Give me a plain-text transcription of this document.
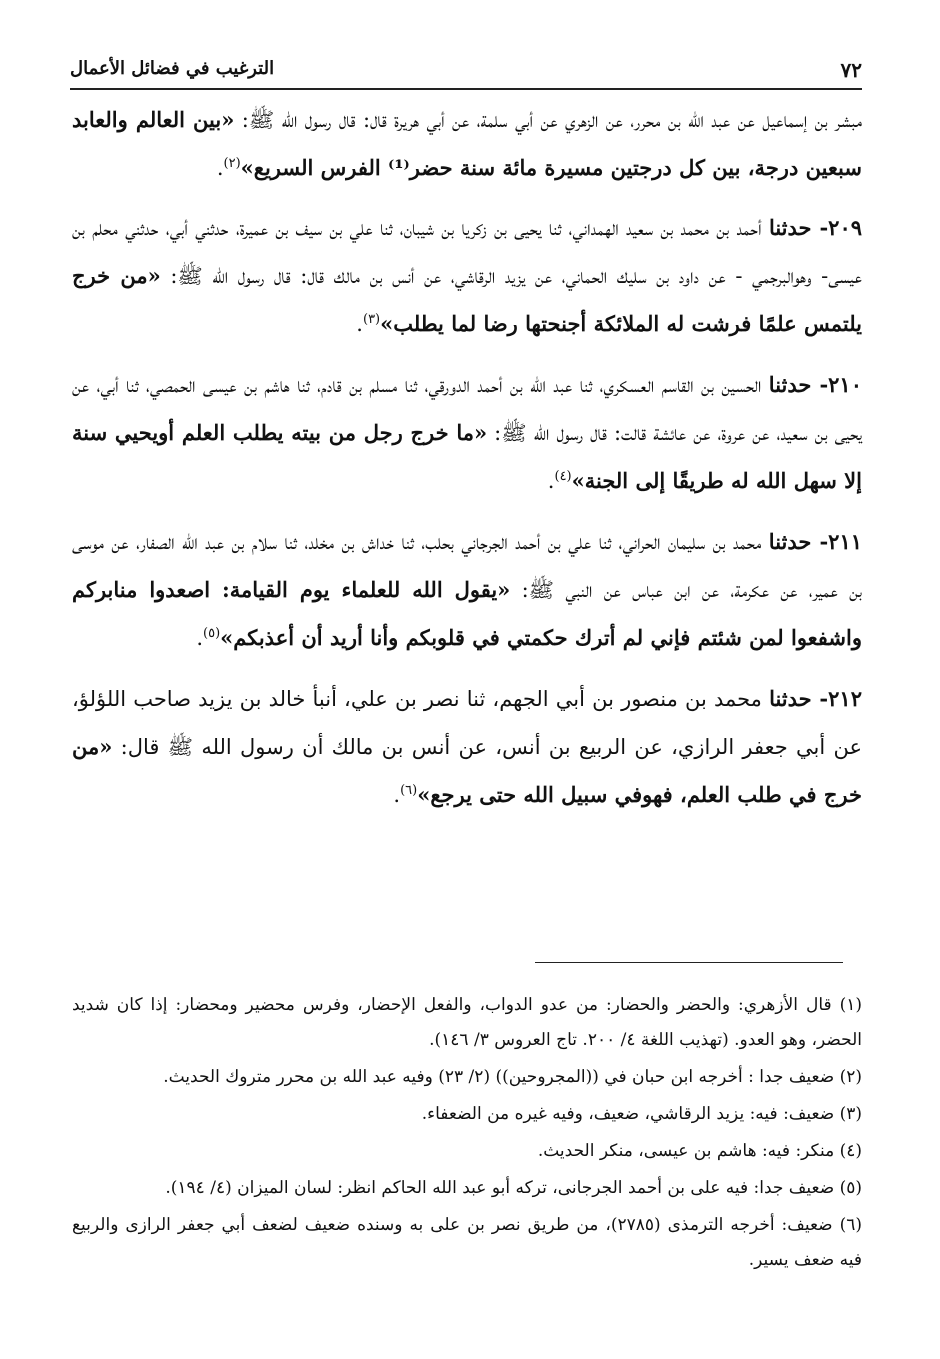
٧٢
الترغيب في فضائل الأعمال

مبشر بن إسماعيل عن عبد الله بن محرر، عن الزهري عن أبي سلمة، عن أبي هريرة قال: قال رسول الله ﷺ: «بين العالم والعابد سبعين درجة، بين كل درجتين مسيرة مائة سنة حضر⁽¹⁾ الفرس السريع»$^{(٢)}$.

٢٠٩- حدثنا أحمد بن محمد بن سعيد الهمداني، ثنا يحيى بن زكريا بن شيبان، ثنا علي بن سيف بن عميرة، حدثني أبي، حدثني محلم بن عيسى- وهوالبرجمي - عن داود بن سليك الحماني، عن يزيد الرقاشي، عن أنس بن مالك قال: قال رسول الله ﷺ: «من خرج يلتمس علمًا فرشت له الملائكة أجنحتها رضا لما يطلب»$^{(٣)}$.

٢١٠- حدثنا الحسين بن القاسم العسكري، ثنا عبد الله بن أحمد الدورقي، ثنا مسلم بن قادم، ثنا هاشم بن عيسى الحمصي، ثنا أبي، عن يحيى بن سعيد، عن عروة، عن عائشة قالت: قال رسول الله ﷺ: «ما خرج رجل من بيته يطلب العلم أويحيي سنة إلا سهل الله له طريقًا إلى الجنة»$^{(٤)}$.

٢١١- حدثنا محمد بن سليمان الحراني، ثنا علي بن أحمد الجرجاني بحلب، ثنا خداش بن مخلد، ثنا سلام بن عبد الله الصفار، عن موسى بن عمير، عن عكرمة، عن ابن عباس عن النبي ﷺ: «يقول الله للعلماء يوم القيامة: اصعدوا منابركم واشفعوا لمن شئتم فإني لم أترك حكمتي في قلوبكم وأنا أريد أن أعذبكم»$^{(٥)}$.

٢١٢- حدثنا محمد بن منصور بن أبي الجهم، ثنا نصر بن علي، أنبأ خالد بن يزيد صاحب اللؤلؤ، عن أبي جعفر الرازي، عن الربيع بن أنس، عن أنس بن مالك أن رسول الله ﷺ قال: «من خرج في طلب العلم، فهوفي سبيل الله حتى يرجع»$^{(٦)}$.

(١) قال الأزهري: والحضر والحضار: من عدو الدواب، والفعل الإحضار، وفرس محضير ومحضار: إذا كان شديد الحضر، وهو العدو. (تهذيب اللغة ٤/ ٢٠٠. تاج العروس ٣/ ١٤٦).

(٢) ضعيف جدا : أخرجه ابن حبان في ((المجروحين)) (٢/ ٢٣) وفيه عبد الله بن محرر متروك الحديث.

(٣) ضعيف: فيه: يزيد الرقاشي، ضعيف، وفيه غيره من الضعفاء.

(٤) منكر: فيه: هاشم بن عيسى، منكر الحديث.

(٥) ضعيف جدا: فيه على بن أحمد الجرجانى، تركه أبو عبد الله الحاكم انظر: لسان الميزان (٤/ ١٩٤).

(٦) ضعيف: أخرجه الترمذى (٢٧٨٥)، من طريق نصر بن على به وسنده ضعيف لضعف أبي جعفر الرازى والربيع فيه ضعف يسير.
